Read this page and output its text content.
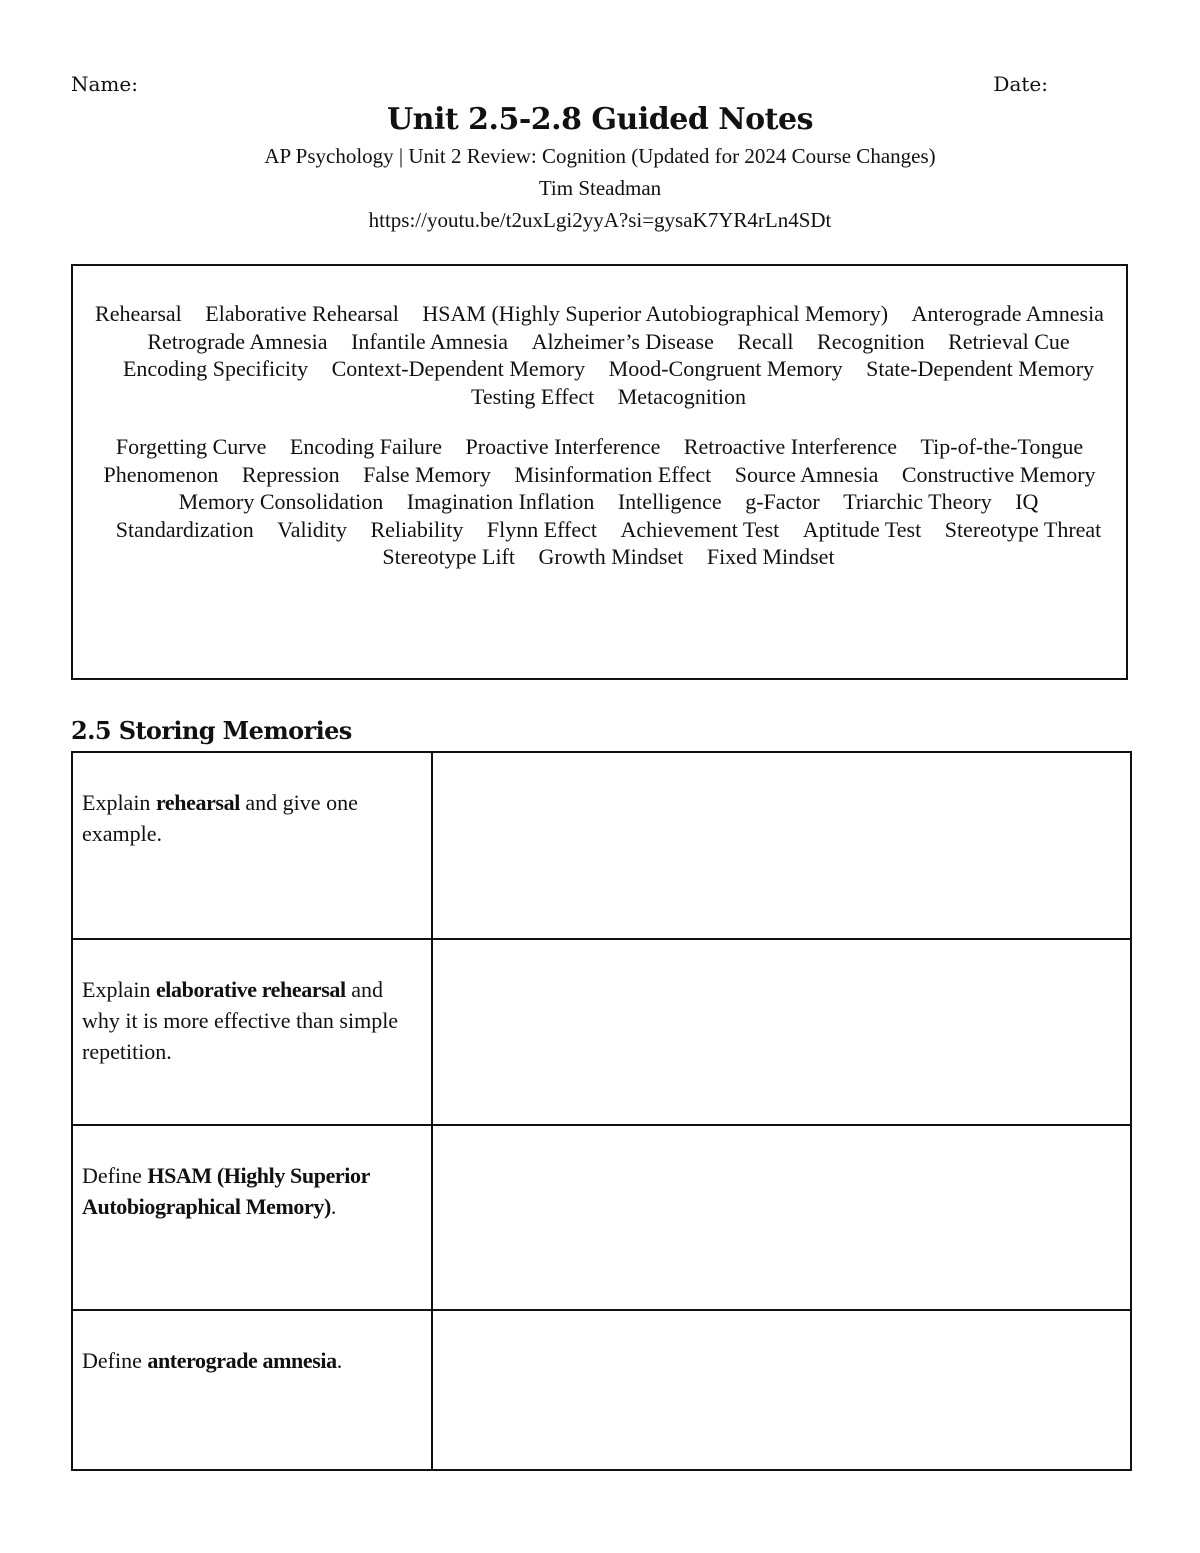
Name:	Date:
Unit 2.5-2.8 Guided Notes

AP Psychology | Unit 2 Review: Cognition (Updated for 2024 Course Changes)

Tim Steadman

https://youtu.be/t2uxLgi2yyA?si=gysaK7YR4rLn4SDt

Rehearsal Elaborative Rehearsal HSAM (Highly Superior Autobiographical Memory) Anterograde Amnesia Retrograde Amnesia Infantile Amnesia Alzheimer’s Disease Recall Recognition Retrieval Cue Encoding Specificity Context-Dependent Memory Mood-Congruent Memory State-Dependent Memory Testing Effect Metacognition

Forgetting Curve Encoding Failure Proactive Interference Retroactive Interference Tip-of-the-Tongue Phenomenon Repression False Memory Misinformation Effect Source Amnesia Constructive Memory Memory Consolidation Imagination Inflation Intelligence g-Factor Triarchic Theory IQ Standardization Validity Reliability Flynn Effect Achievement Test Aptitude Test Stereotype Threat Stereotype Lift Growth Mindset Fixed Mindset

2.5 Storing Memories
Explain rehearsal and give one example.	
Explain elaborative rehearsal and why it is more effective than simple repetition.	
Define HSAM (Highly Superior Autobiographical Memory).	
Define anterograde amnesia.	
